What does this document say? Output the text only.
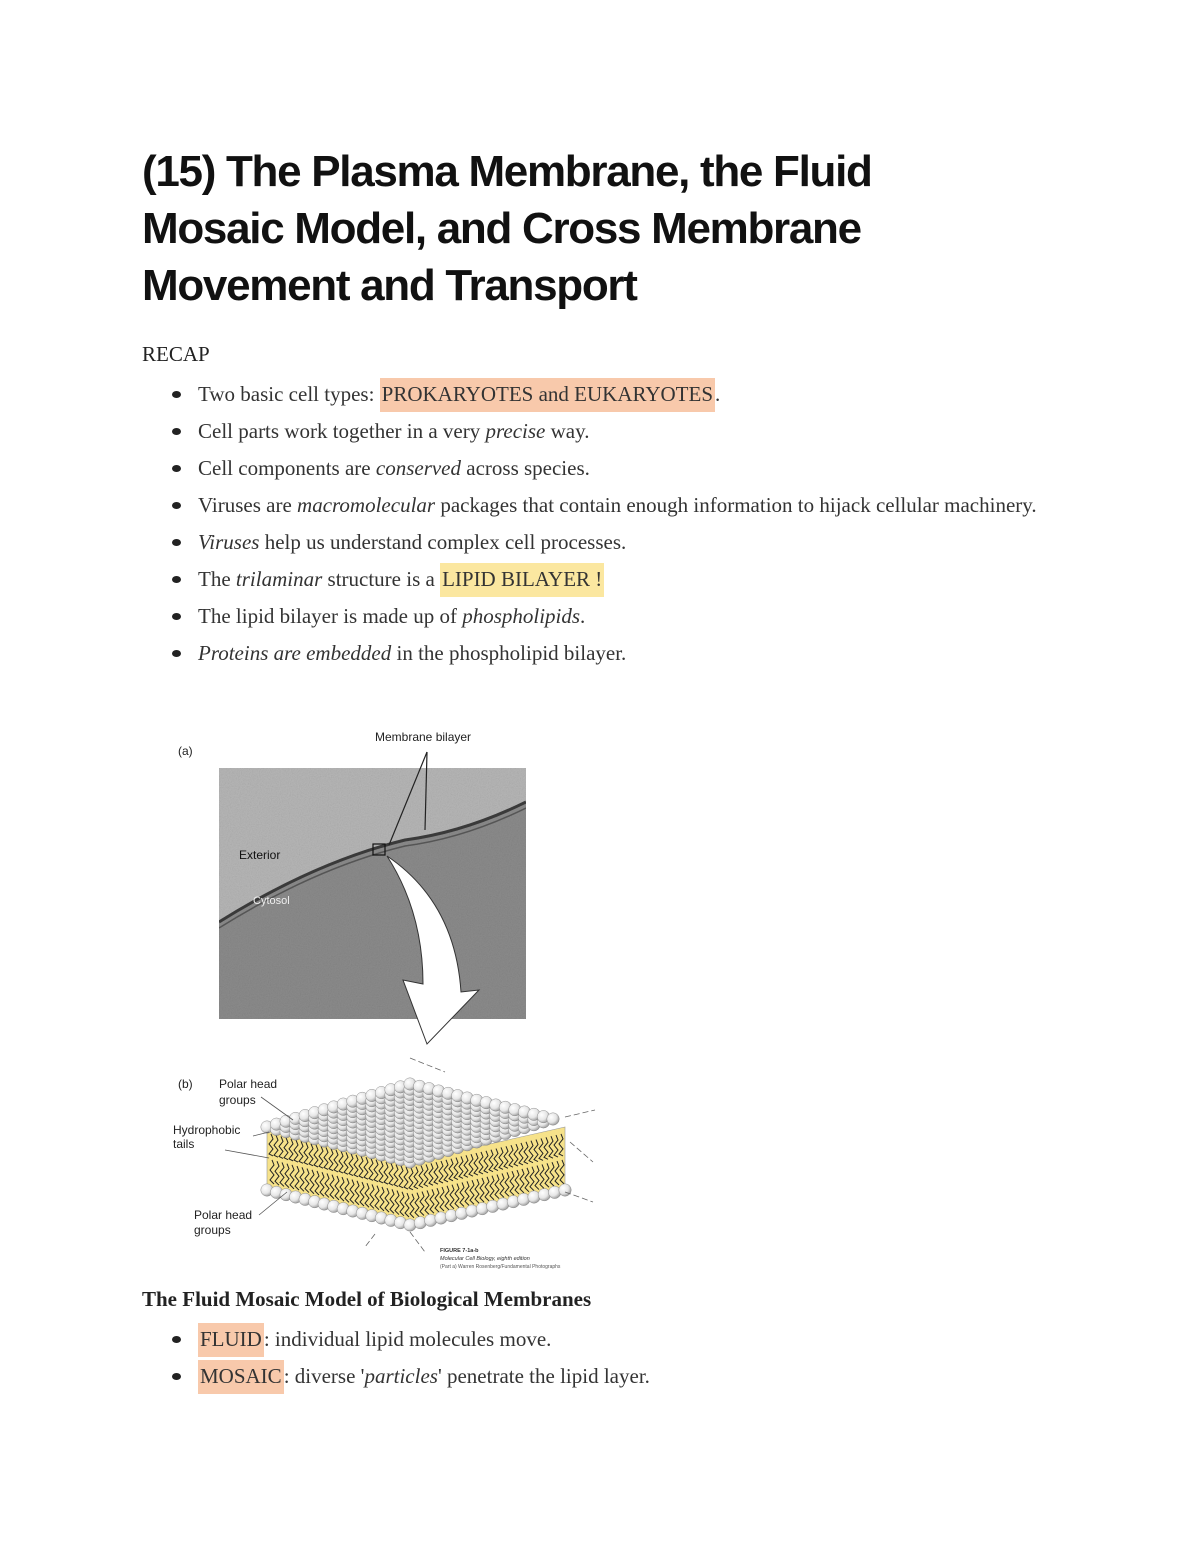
(15) The Plasma Membrane, the Fluid
Mosaic Model, and Cross Membrane
Movement and Transport
RECAP
Two basic cell types: PROKARYOTES and EUKARYOTES.
Cell parts work together in a very precise way.
Cell components are conserved across species.
Viruses are macromolecular packages that contain enough information to hijack cellular machinery.
Viruses help us understand complex cell processes.
The trilaminar structure is a LIPID BILAYER !
The lipid bilayer is made up of phospholipids.
Proteins are embedded in the phospholipid bilayer.
(a)
Membrane bilayer
Exterior
Cytosol
(b) Polar head
groups
Hydrophobic
tails
Polar head
groups
FIGURE 7-1a-b
Molecular Cell Biology, eighth edition
(Part a) Warren Rosenberg/Fundamental Photographs
The Fluid Mosaic Model of Biological Membranes
FLUID: individual lipid molecules move.
MOSAIC: diverse 'particles' penetrate the lipid layer.
